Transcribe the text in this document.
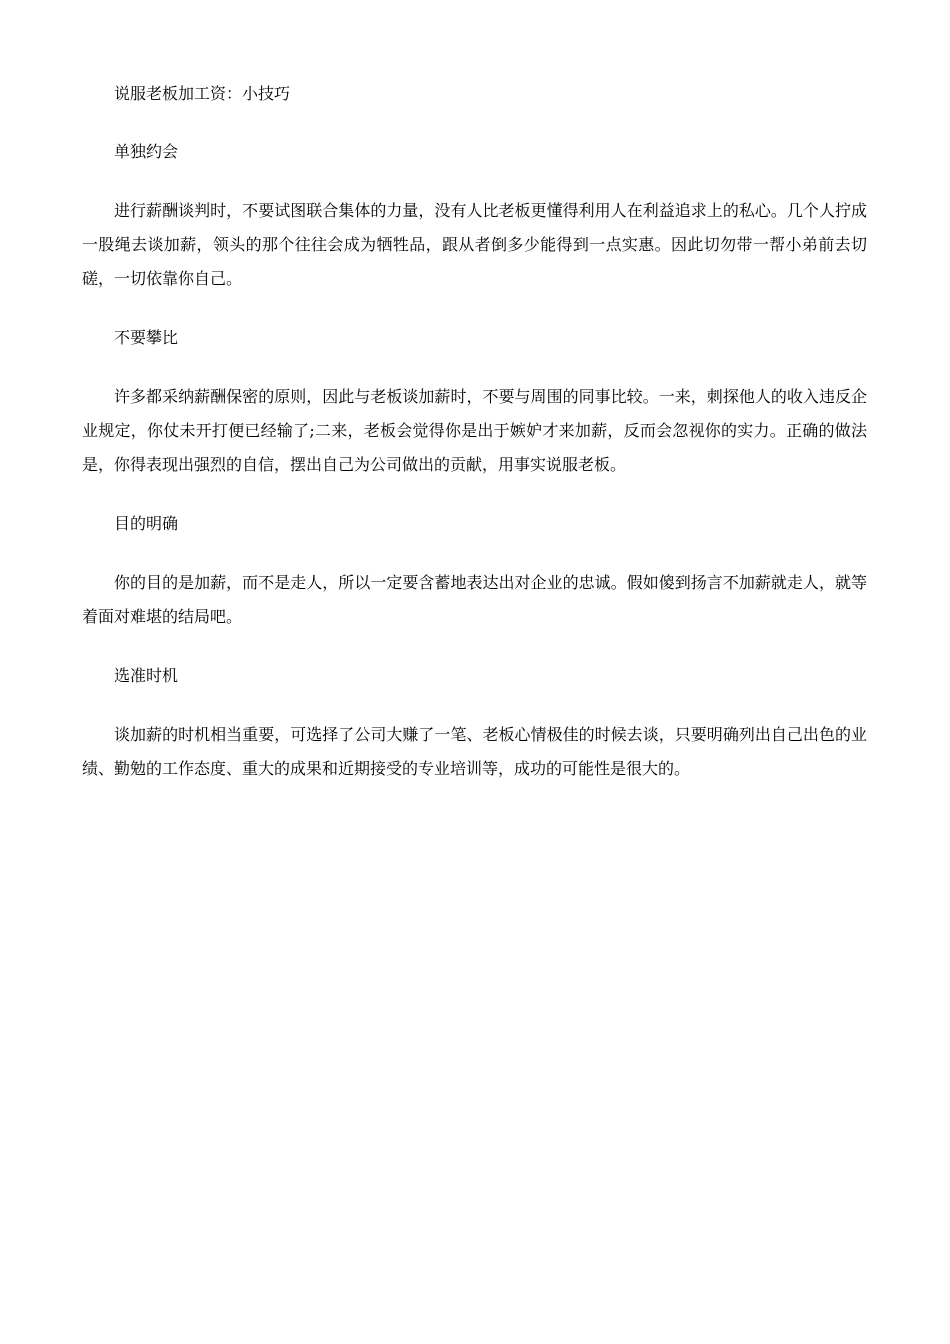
说服老板加工资：小技巧

单独约会

进行薪酬谈判时，不要试图联合集体的力量，没有人比老板更懂得利用人在利益追求上的私心。几个人拧成一股绳去谈加薪，领头的那个往往会成为牺牲品，跟从者倒多少能得到一点实惠。因此切勿带一帮小弟前去切磋，一切依靠你自己。

不要攀比

许多都采纳薪酬保密的原则，因此与老板谈加薪时，不要与周围的同事比较。一来，刺探他人的收入违反企业规定，你仗未开打便已经输了;二来，老板会觉得你是出于嫉妒才来加薪，反而会忽视你的实力。正确的做法是，你得表现出强烈的自信，摆出自己为公司做出的贡献，用事实说服老板。

目的明确

你的目的是加薪，而不是走人，所以一定要含蓄地表达出对企业的忠诚。假如傻到扬言不加薪就走人，就等着面对难堪的结局吧。

选准时机

谈加薪的时机相当重要，可选择了公司大赚了一笔、老板心情极佳的时候去谈，只要明确列出自己出色的业绩、勤勉的工作态度、重大的成果和近期接受的专业培训等，成功的可能性是很大的。
